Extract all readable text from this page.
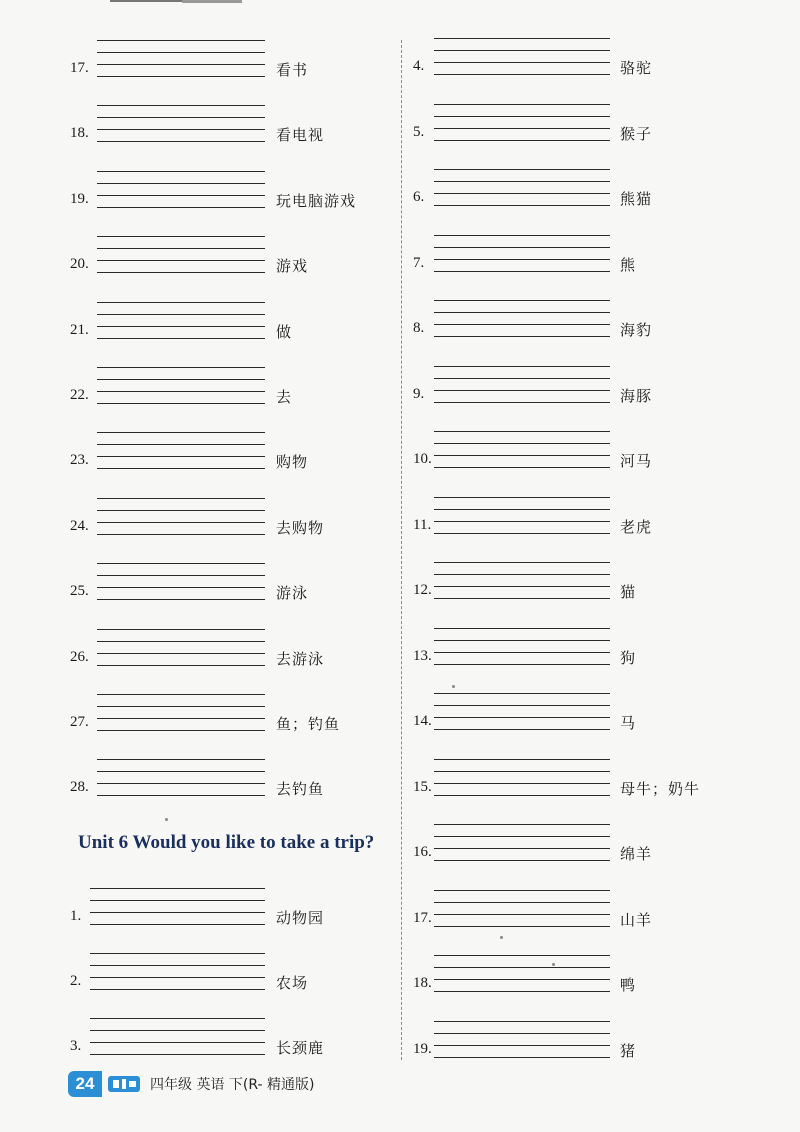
17.	看书
18.	看电视
19.	玩电脑游戏
20.	游戏
21.	做
22.	去
23.	购物
24.	去购物
25.	游泳
26.	去游泳
27.	鱼；钓鱼
28.	去钓鱼
Unit 6 Would you like to take a trip?
1.	动物园
2.	农场
3.	长颈鹿
4.	骆驼
5.	猴子
6.	熊猫
7.	熊
8.	海豹
9.	海豚
10.	河马
11.	老虎
12.	猫
13.	狗
14.	马
15.	母牛；奶牛
16.	绵羊
17.	山羊
18.	鸭
19.	猪
24	四年级 英语 下(R- 精通版)
